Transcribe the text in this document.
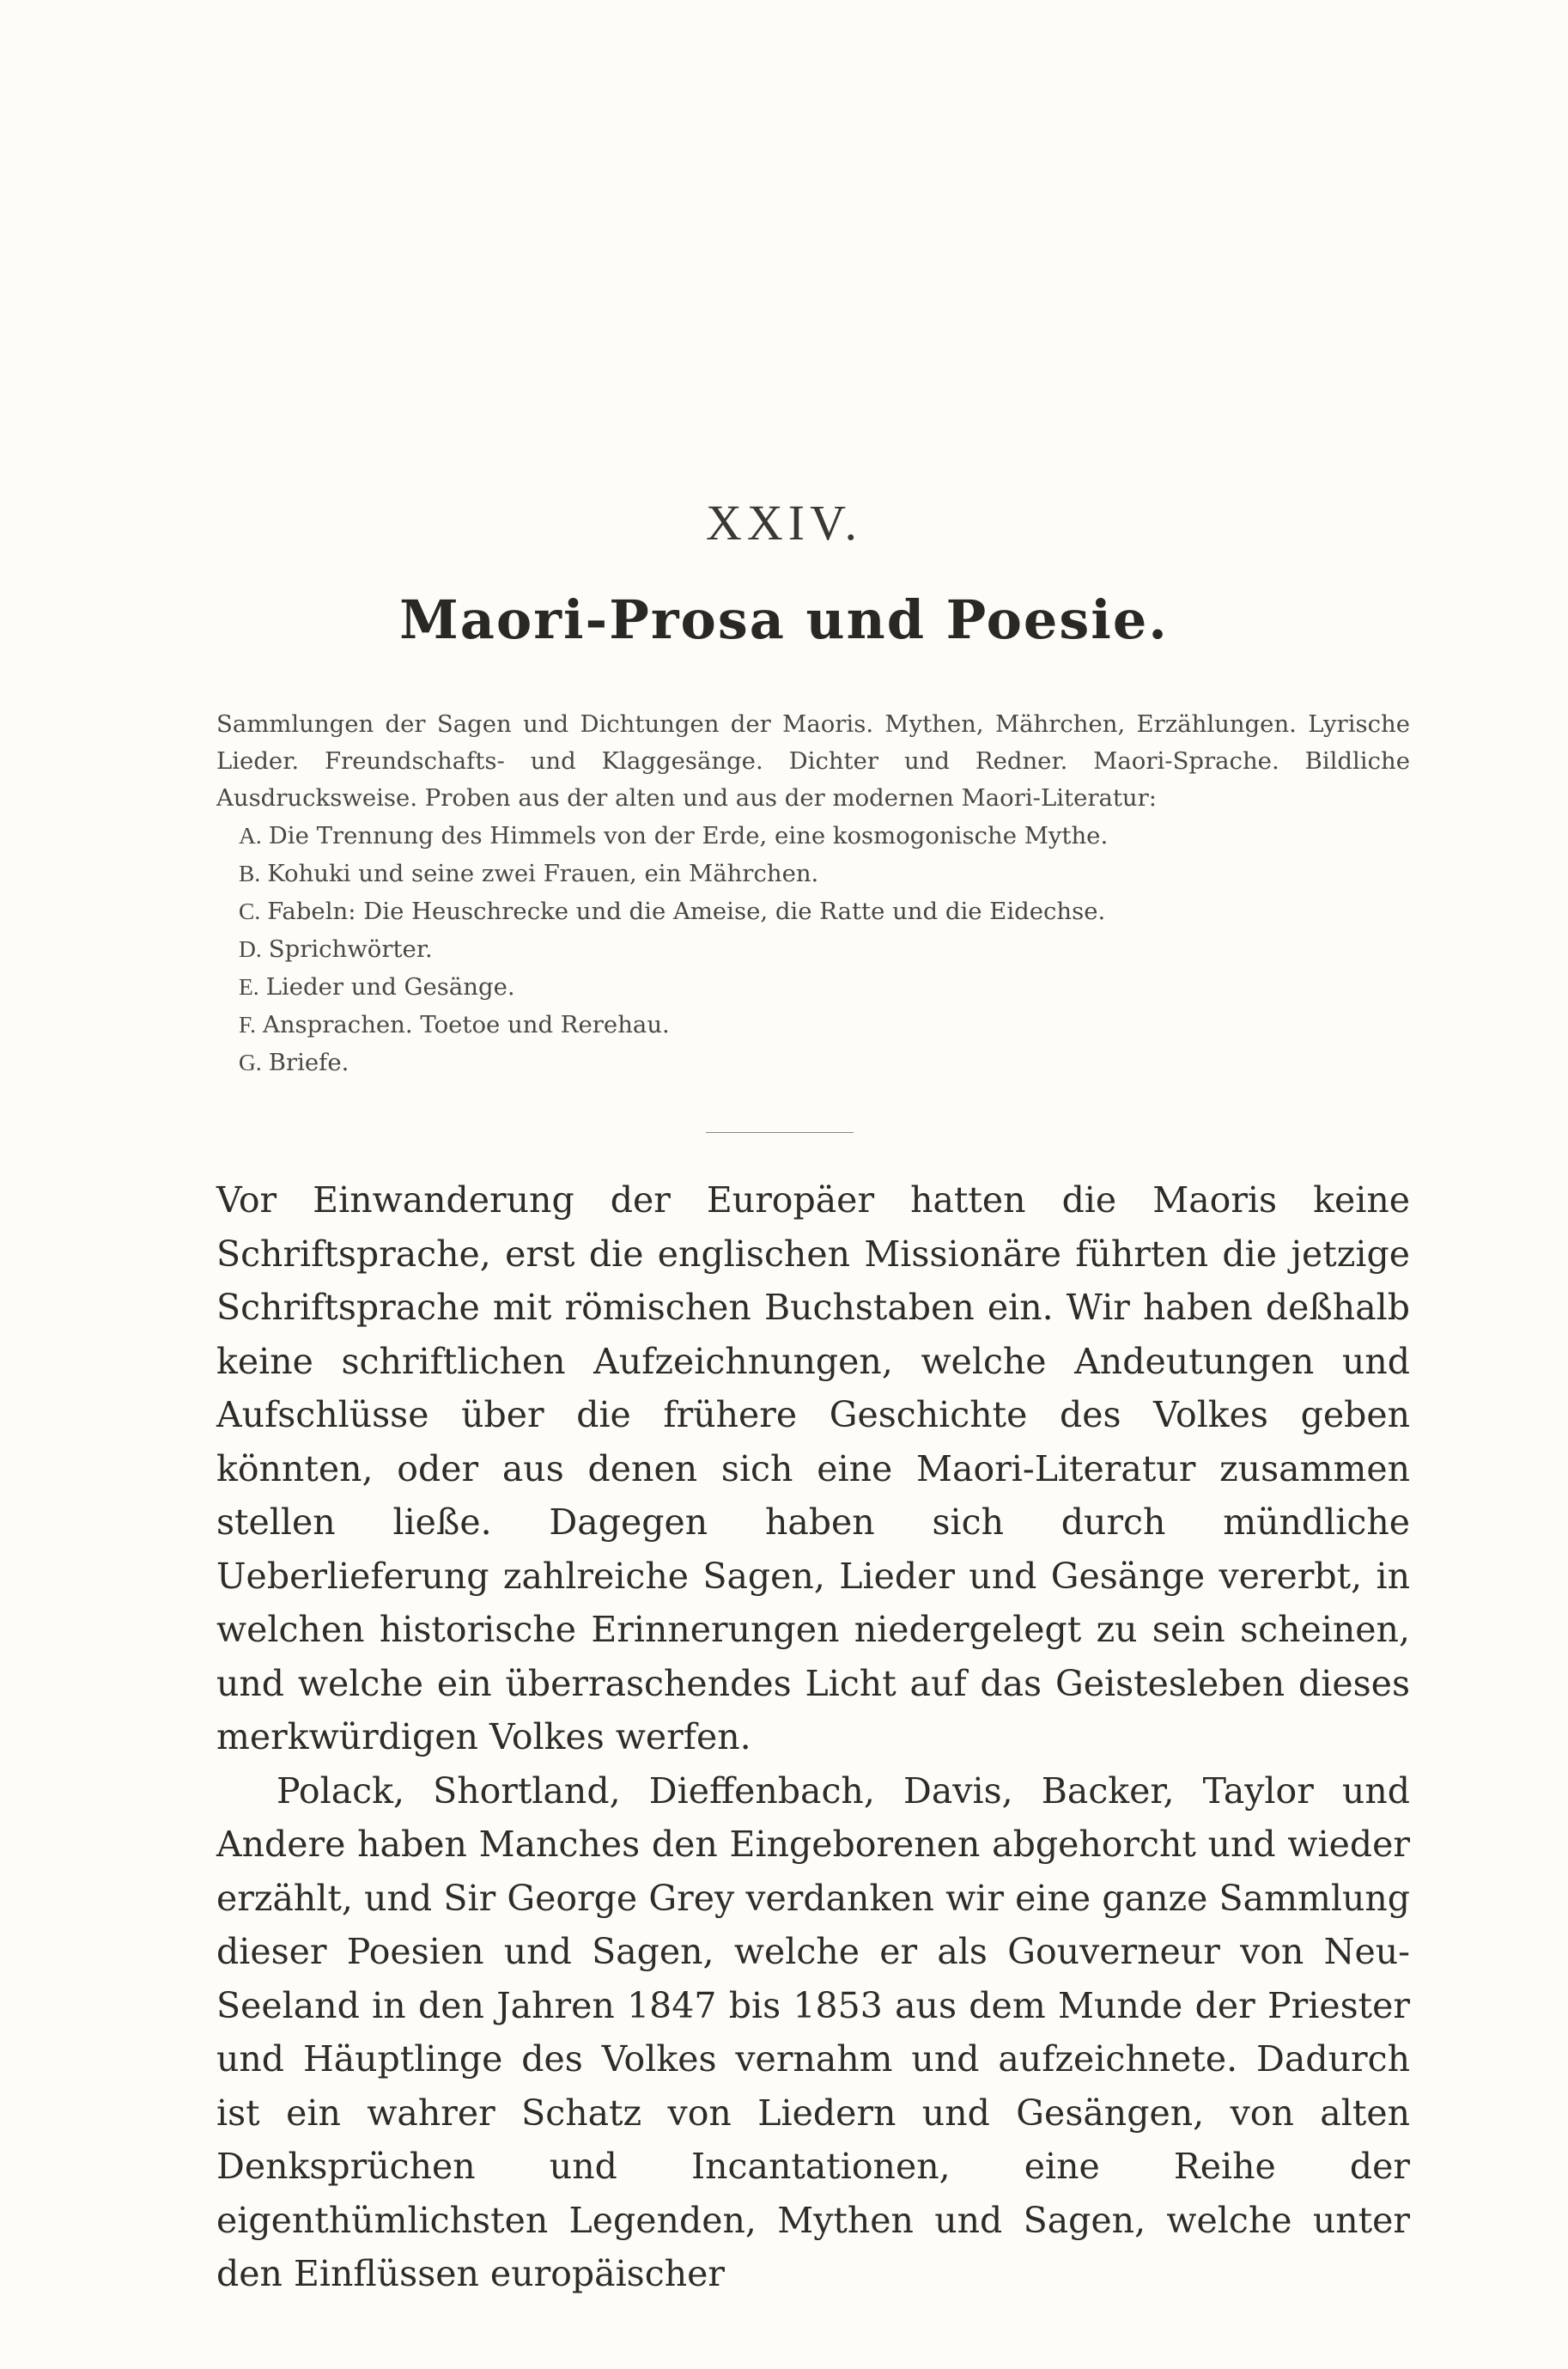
XXIV.
Maori-Prosa und Poesie.

Sammlungen der Sagen und Dichtungen der Maoris. Mythen, Mährchen, Erzählungen. Lyrische Lieder. Freundschafts- und Klaggesänge. Dichter und Redner. Maori-Sprache. Bildliche Ausdrucksweise. Proben aus der alten und aus der modernen Maori-Literatur:

A. Die Trennung des Himmels von der Erde, eine kosmogonische Mythe.
B. Kohuki und seine zwei Frauen, ein Mährchen.
C. Fabeln: Die Heuschrecke und die Ameise, die Ratte und die Eidechse.
D. Sprichwörter.
E. Lieder und Gesänge.
F. Ansprachen. Toetoe und Rerehau.
G. Briefe.

Vor Einwanderung der Europäer hatten die Maoris keine Schriftsprache, erst die englischen Missionäre führten die jetzige Schriftsprache mit römischen Buchstaben ein. Wir haben deßhalb keine schriftlichen Aufzeichnungen, welche Andeutungen und Aufschlüsse über die frühere Geschichte des Volkes geben könnten, oder aus denen sich eine Maori-Literatur zusammen stellen ließe. Dagegen haben sich durch mündliche Ueberlieferung zahlreiche Sagen, Lieder und Gesänge vererbt, in welchen historische Erinnerungen niedergelegt zu sein scheinen, und welche ein überraschendes Licht auf das Geistesleben dieses merkwürdigen Volkes werfen.

Polack, Shortland, Dieffenbach, Davis, Backer, Taylor und Andere haben Manches den Eingeborenen abgehorcht und wieder erzählt, und Sir George Grey verdanken wir eine ganze Sammlung dieser Poesien und Sagen, welche er als Gouverneur von Neu-Seeland in den Jahren 1847 bis 1853 aus dem Munde der Priester und Häuptlinge des Volkes vernahm und aufzeichnete. Dadurch ist ein wahrer Schatz von Liedern und Gesängen, von alten Denksprüchen und Incantationen, eine Reihe der eigenthümlichsten Legenden, Mythen und Sagen, welche unter den Einflüssen europäischer
